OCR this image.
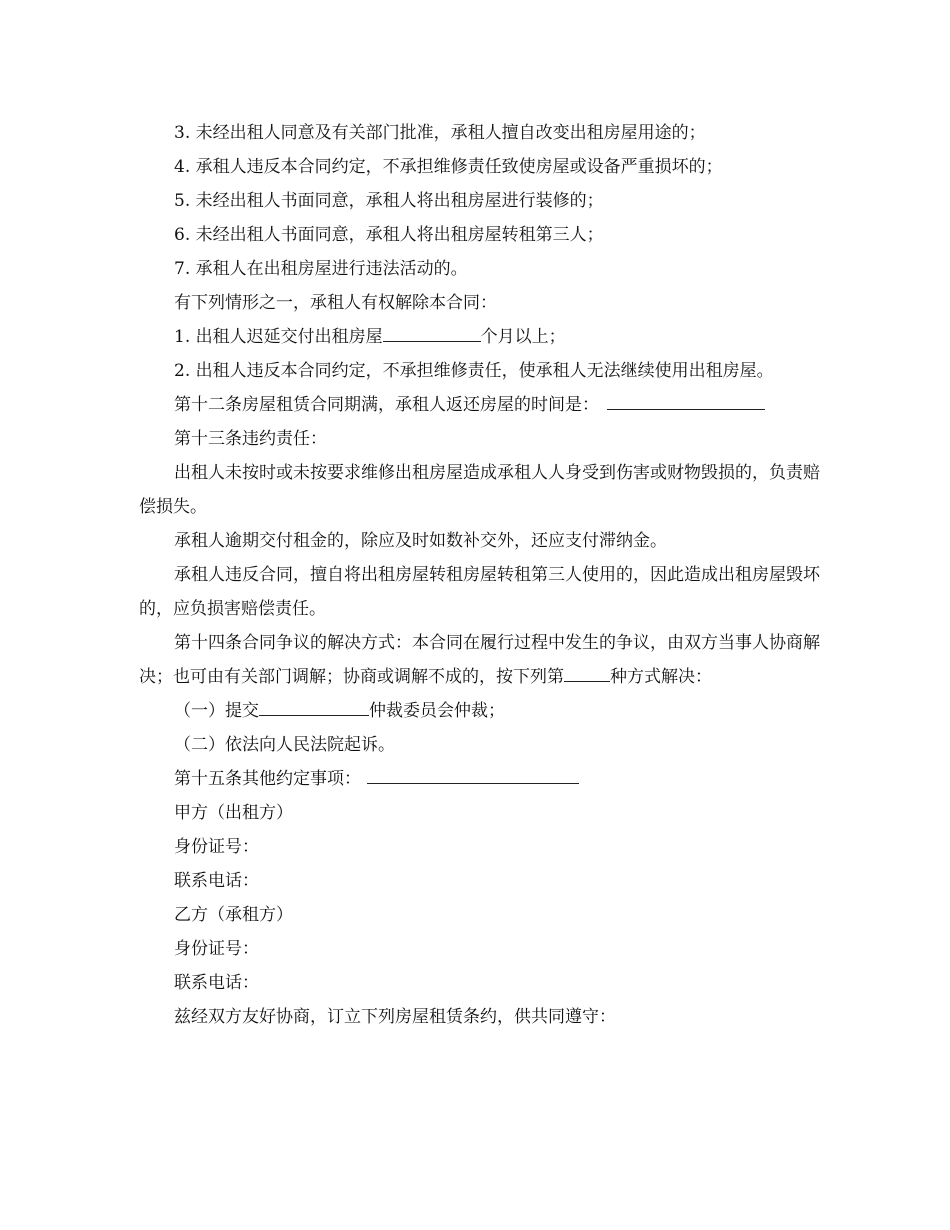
3. 未经出租人同意及有关部门批准，承租人擅自改变出租房屋用途的；

4. 承租人违反本合同约定，不承担维修责任致使房屋或设备严重损坏的；

5. 未经出租人书面同意，承租人将出租房屋进行装修的；

6. 未经出租人书面同意，承租人将出租房屋转租第三人；

7. 承租人在出租房屋进行违法活动的。

有下列情形之一，承租人有权解除本合同：

1. 出租人迟延交付出租房屋	个月以上；

2. 出租人违反本合同约定，不承担维修责任，使承租人无法继续使用出租房屋。

第十二条房屋租赁合同期满，承租人返还房屋的时间是：

第十三条违约责任：

出租人未按时或未按要求维修出租房屋造成承租人人身受到伤害或财物毁损的，负责赔偿损失。

承租人逾期交付租金的，除应及时如数补交外，还应支付滞纳金。

承租人违反合同，擅自将出租房屋转租房屋转租第三人使用的，因此造成出租房屋毁坏的，应负损害赔偿责任。

第十四条合同争议的解决方式：本合同在履行过程中发生的争议，由双方当事人协商解决；也可由有关部门调解；协商或调解不成的，按下列第	种方式解决：

（一）提交	仲裁委员会仲裁；

（二）依法向人民法院起诉。

第十五条其他约定事项：

甲方（出租方）

身份证号：

联系电话：

乙方（承租方）

身份证号：

联系电话：

兹经双方友好协商，订立下列房屋租赁条约，供共同遵守：
